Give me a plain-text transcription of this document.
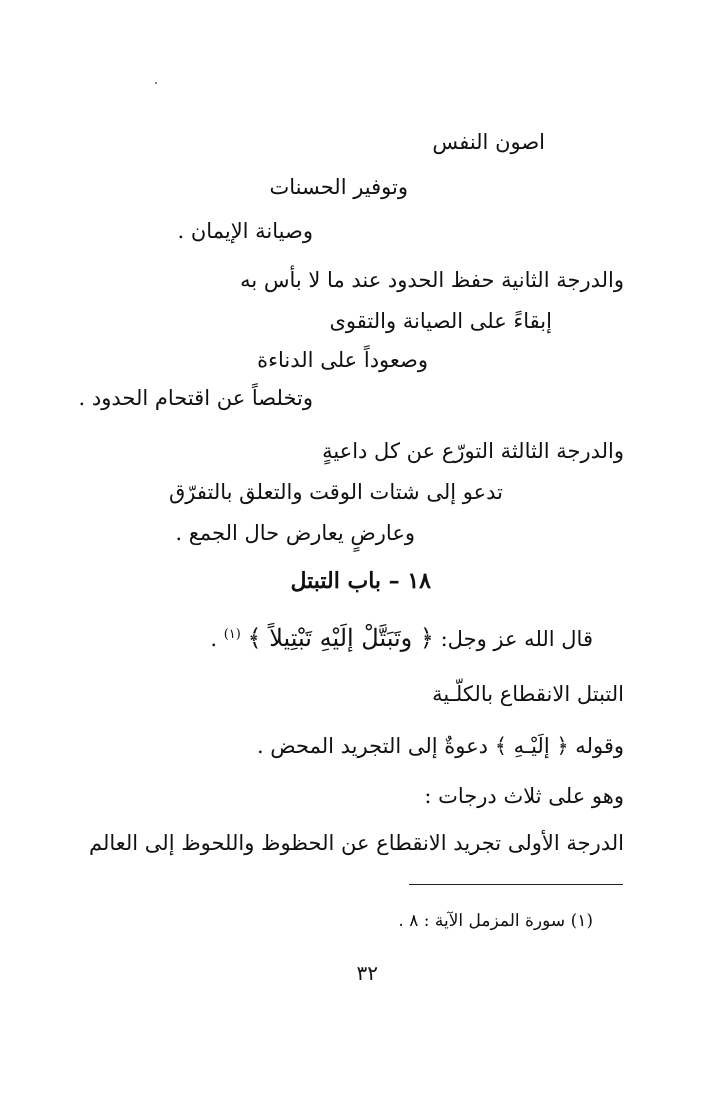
اصون النفس
وتوفير الحسنات
وصيانة الإيمان .
والدرجة الثانية حفظ الحدود عند ما لا بأس به
إبقاءً على الصيانة والتقوى
وصعوداً على الدناءة
وتخلصاً عن اقتحام الحدود .
والدرجة الثالثة التورّع عن كل داعيةٍ
تدعو إلى شتات الوقت والتعلق بالتفرّق
وعارضٍ يعارض حال الجمع .
١٨ – باب التبتل
قال الله عز وجل: ﴿ وتَبَتَّلْ إلَيْهِ تَبْتِيلاً ﴾ $^{(١)}$ .
التبتل الانقطاع بالكلّـية
وقوله ﴿ إلَيْـهِ ﴾ دعوةٌ إلى التجريد المحض .
وهو على ثلاث درجات :
الدرجة الأولى تجريد الانقطاع عن الحظوظ واللحوظ إلى العالم
(١) سورة المزمل الآية : ٨ .
٣٢
